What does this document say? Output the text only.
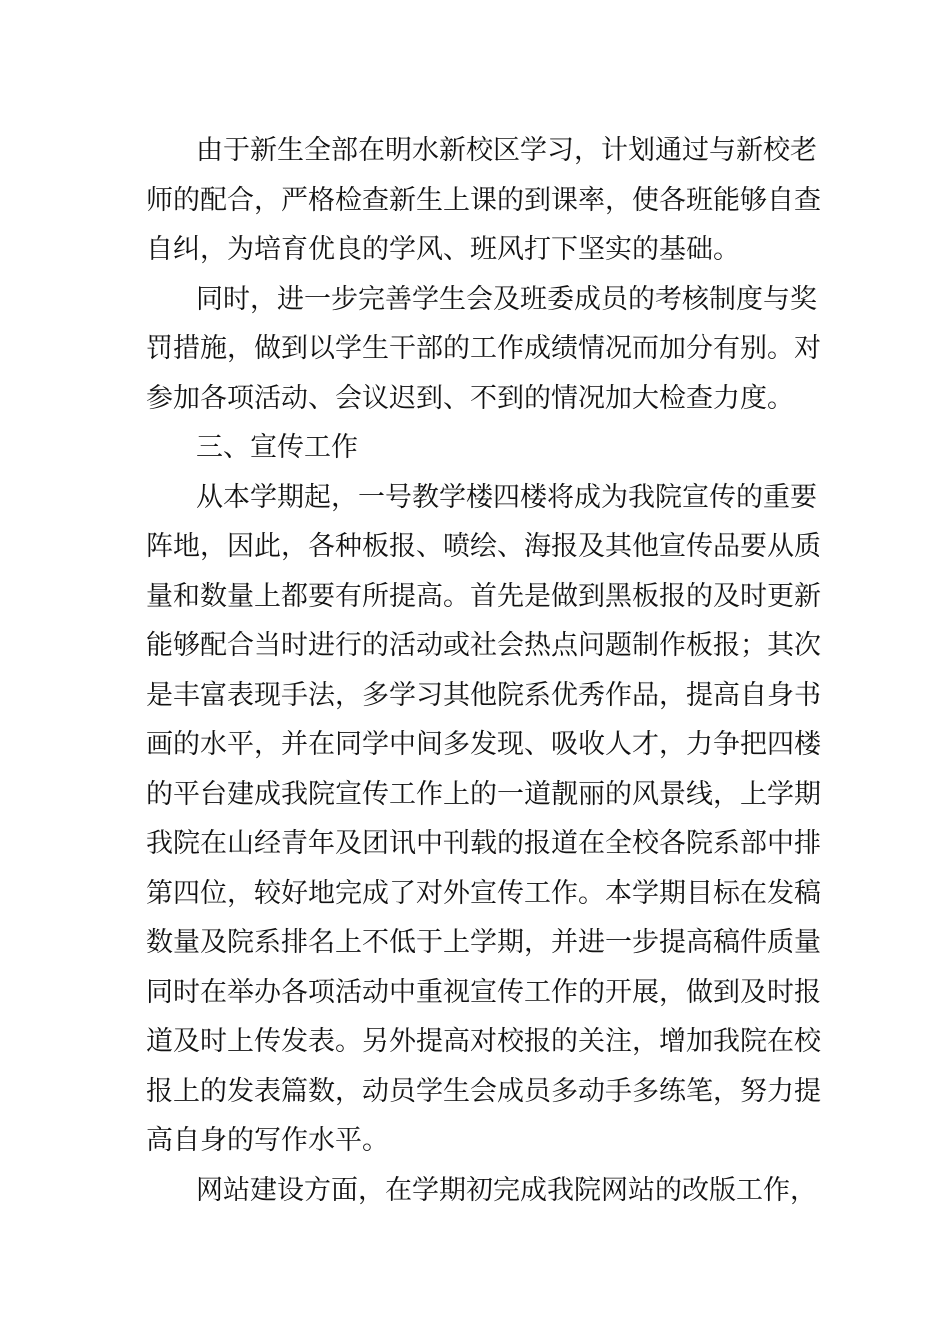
由于新生全部在明水新校区学习，计划通过与新校老
师的配合，严格检查新生上课的到课率，使各班能够自查
自纠，为培育优良的学风、班风打下坚实的基础。
同时，进一步完善学生会及班委成员的考核制度与奖
罚措施，做到以学生干部的工作成绩情况而加分有别。对
参加各项活动、会议迟到、不到的情况加大检查力度。
三、宣传工作
从本学期起，一号教学楼四楼将成为我院宣传的重要
阵地，因此，各种板报、喷绘、海报及其他宣传品要从质
量和数量上都要有所提高。首先是做到黑板报的及时更新
能够配合当时进行的活动或社会热点问题制作板报；其次
是丰富表现手法，多学习其他院系优秀作品，提高自身书
画的水平，并在同学中间多发现、吸收人才，力争把四楼
的平台建成我院宣传工作上的一道靓丽的风景线，上学期
我院在山经青年及团讯中刊载的报道在全校各院系部中排
第四位，较好地完成了对外宣传工作。本学期目标在发稿
数量及院系排名上不低于上学期，并进一步提高稿件质量
同时在举办各项活动中重视宣传工作的开展，做到及时报
道及时上传发表。另外提高对校报的关注，增加我院在校
报上的发表篇数，动员学生会成员多动手多练笔，努力提
高自身的写作水平。
网站建设方面，在学期初完成我院网站的改版工作，
